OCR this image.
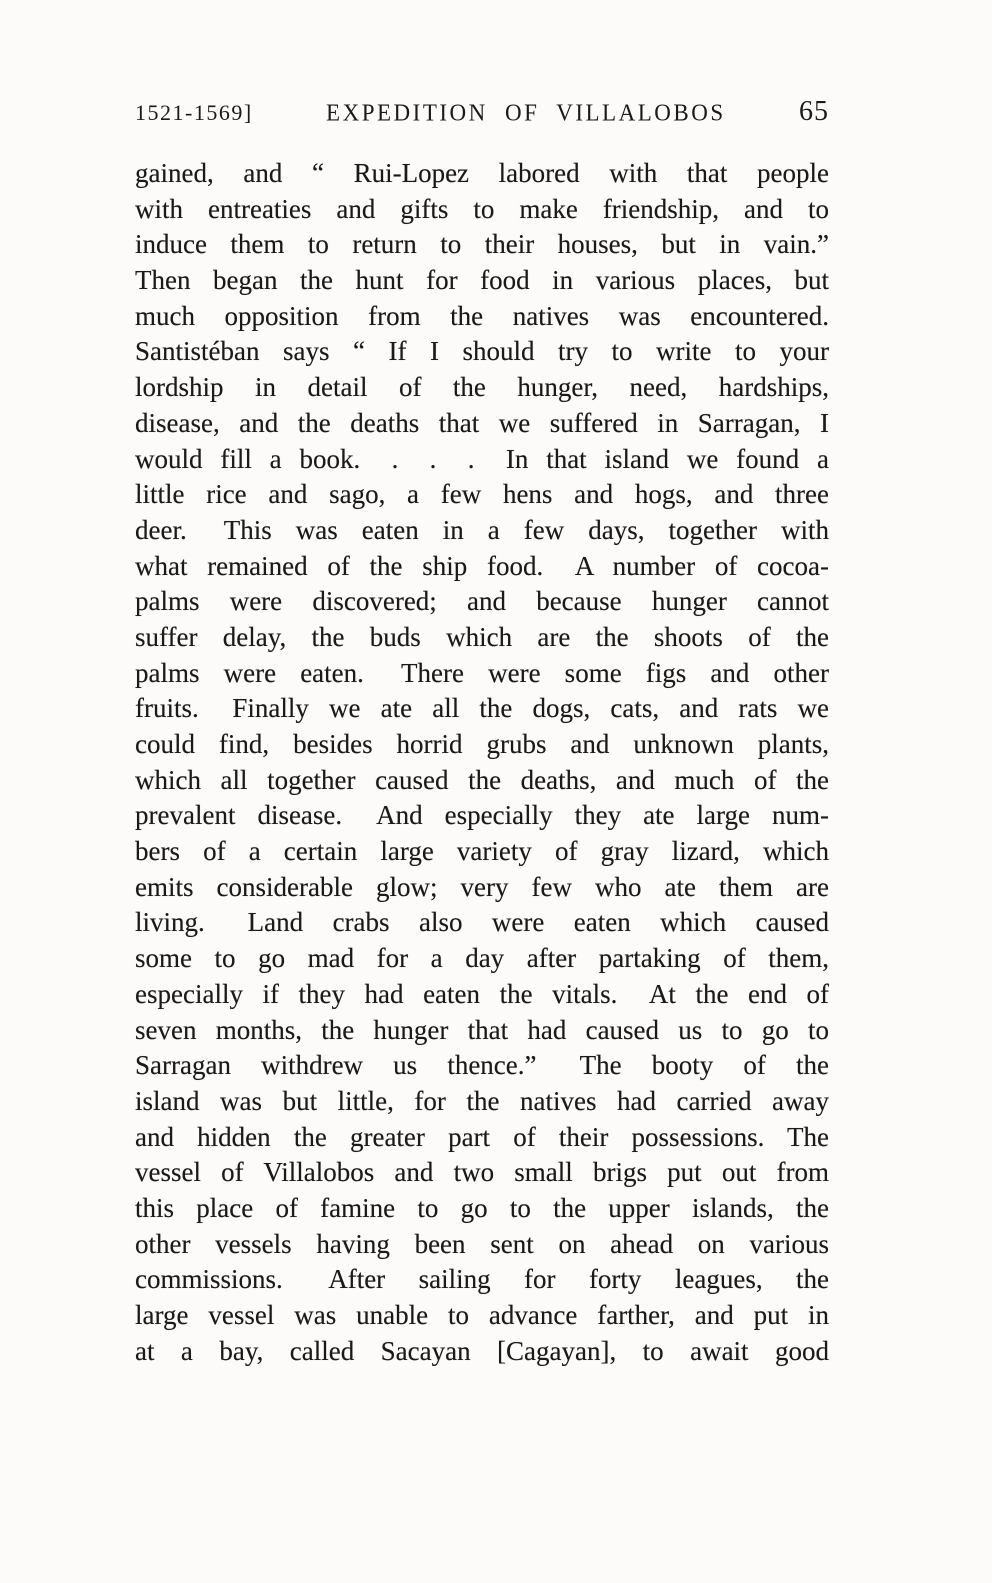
1521-1569]	EXPEDITION OF VILLALOBOS	65
gained, and “ Rui-Lopez labored with that people
with entreaties and gifts to make friendship, and to
induce them to return to their houses, but in vain.”
Then began the hunt for food in various places, but
much opposition from the natives was encountered.
Santistéban says “ If I should try to write to your
lordship in detail of the hunger, need, hardships,
disease, and the deaths that we suffered in Sarragan, I
would fill a book.  .  .  .  In that island we found a
little rice and sago, a few hens and hogs, and three
deer.  This was eaten in a few days, together with
what remained of the ship food.  A number of cocoa-
palms were discovered; and because hunger cannot
suffer delay, the buds which are the shoots of the
palms were eaten.  There were some figs and other
fruits.  Finally we ate all the dogs, cats, and rats we
could find, besides horrid grubs and unknown plants,
which all together caused the deaths, and much of the
prevalent disease.  And especially they ate large num-
bers of a certain large variety of gray lizard, which
emits considerable glow; very few who ate them are
living.  Land crabs also were eaten which caused
some to go mad for a day after partaking of them,
especially if they had eaten the vitals.  At the end of
seven months, the hunger that had caused us to go to
Sarragan withdrew us thence.”  The booty of the
island was but little, for the natives had carried away
and hidden the greater part of their possessions. The
vessel of Villalobos and two small brigs put out from
this place of famine to go to the upper islands, the
other vessels having been sent on ahead on various
commissions.  After sailing for forty leagues, the
large vessel was unable to advance farther, and put in
at a bay, called Sacayan [Cagayan], to await good
